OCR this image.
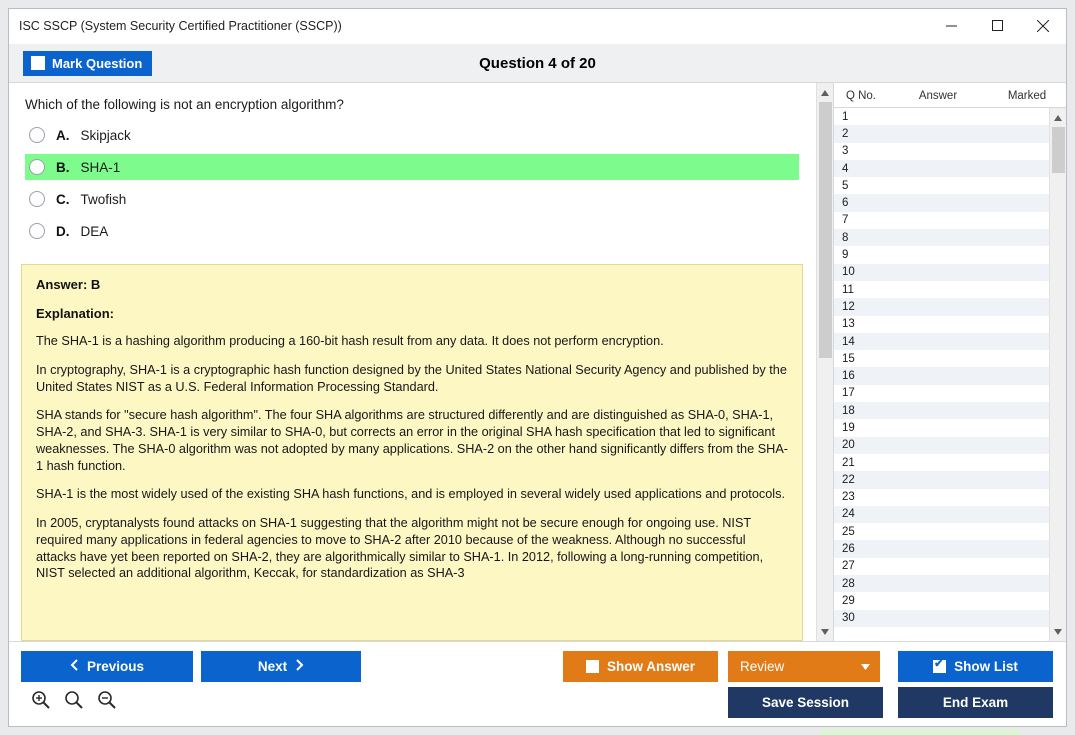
ISC SSCP (System Security Certified Practitioner (SSCP))
Mark Question	Question 4 of 20
Which of the following is not an encryption algorithm?
A. Skipjack
B. SHA-1
C. Twofish
D. DEA
Answer: B
Explanation:

The SHA-1 is a hashing algorithm producing a 160-bit hash result from any data. It does not perform encryption.

In cryptography, SHA-1 is a cryptographic hash function designed by the United States National Security Agency and published by the United States NIST as a U.S. Federal Information Processing Standard.

SHA stands for "secure hash algorithm". The four SHA algorithms are structured differently and are distinguished as SHA-0, SHA-1, SHA-2, and SHA-3. SHA-1 is very similar to SHA-0, but corrects an error in the original SHA hash specification that led to significant weaknesses. The SHA-0 algorithm was not adopted by many applications. SHA-2 on the other hand significantly differs from the SHA-1 hash function.

SHA-1 is the most widely used of the existing SHA hash functions, and is employed in several widely used applications and protocols.

In 2005, cryptanalysts found attacks on SHA-1 suggesting that the algorithm might not be secure enough for ongoing use. NIST required many applications in federal agencies to move to SHA-2 after 2010 because of the weakness. Although no successful attacks have yet been reported on SHA-2, they are algorithmically similar to SHA-1. In 2012, following a long-running competition, NIST selected an additional algorithm, Keccak, for standardization as SHA-3

Q No.	Answer	Marked
1
2
3
4
5
6
7
8
9
10
11
12
13
14
15
16
17
18
19
20
21
22
23
24
25
26
27
28
29
30
Previous	Next	Show Answer	Review ✔	Show List
Save Session	End Exam
